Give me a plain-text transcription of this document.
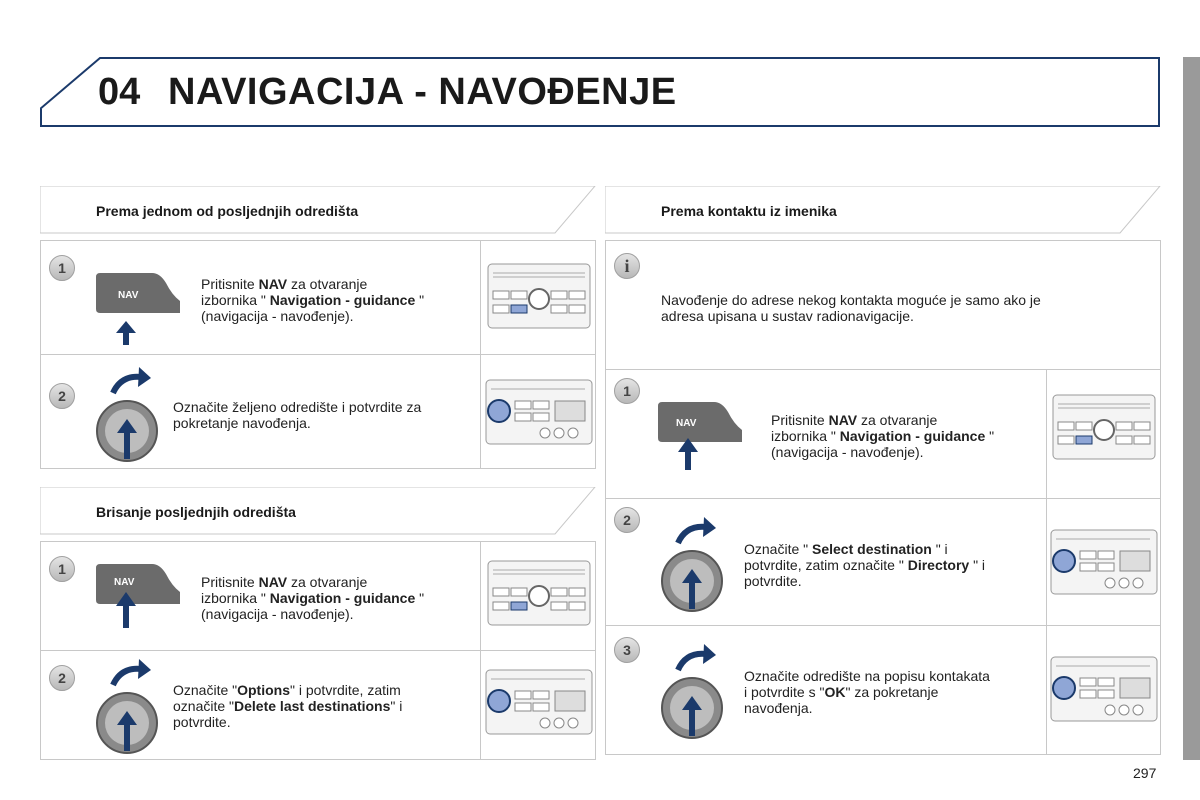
04 NAVIGACIJA - NAVOĐENJE
Prema jednom od posljednjih odredišta
1
NAV
Pritisnite NAV za otvaranje
izbornika " Navigation - guidance "
(navigacija - navođenje).
2
Označite željeno odredište i potvrdite za
pokretanje navođenja.
Brisanje posljednjih odredišta
1
NAV	Pritisnite NAV za otvaranje
izbornika " Navigation - guidance "
(navigacija - navođenje).
2
Označite "Options" i potvrdite, zatim
označite "Delete last destinations" i
potvrdite.
Prema kontaktu iz imenika
i
Navođenje do adrese nekog kontakta moguće je samo ako je
adresa upisana u sustav radionavigacije.
1
NAV	Pritisnite NAV za otvaranje
izbornika " Navigation - guidance "
(navigacija - navođenje).
2
Označite " Select destination " i
potvrdite, zatim označite " Directory " i
potvrdite.
3
Označite odredište na popisu kontakata
i potvrdite s "OK" za pokretanje
navođenja.
297
